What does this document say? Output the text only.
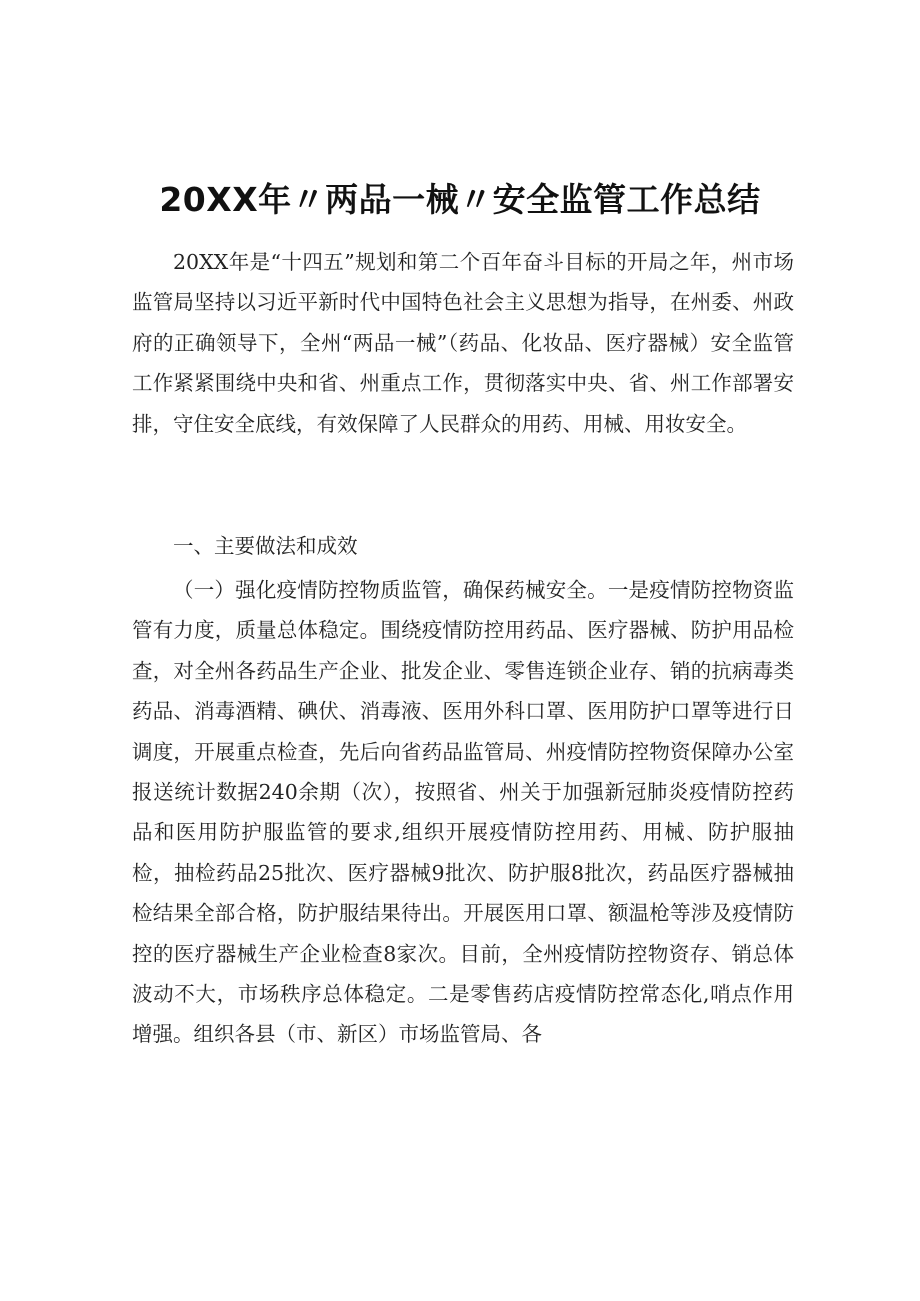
20XX年〃两品一械〃安全监管工作总结

20XX年是“十四五”规划和第二个百年奋斗目标的开局之年，州市场监管局坚持以习近平新时代中国特色社会主义思想为指导，在州委、州政府的正确领导下，全州“两品一械”（药品、化妆品、医疗器械）安全监管工作紧紧围绕中央和省、州重点工作，贯彻落实中央、省、州工作部署安排，守住安全底线，有效保障了人民群众的用药、用械、用妆安全。

一、主要做法和成效

（一）强化疫情防控物质监管，确保药械安全。一是疫情防控物资监管有力度，质量总体稳定。围绕疫情防控用药品、医疗器械、防护用品检查，对全州各药品生产企业、批发企业、零售连锁企业存、销的抗病毒类药品、消毒酒精、碘伏、消毒液、医用外科口罩、医用防护口罩等进行日调度，开展重点检查，先后向省药品监管局、州疫情防控物资保障办公室报送统计数据240余期（次），按照省、州关于加强新冠肺炎疫情防控药品和医用防护服监管的要求,组织开展疫情防控用药、用械、防护服抽检，抽检药品25批次、医疗器械9批次、防护服8批次，药品医疗器械抽检结果全部合格，防护服结果待出。开展医用口罩、额温枪等涉及疫情防控的医疗器械生产企业检查8家次。目前，全州疫情防控物资存、销总体波动不大，市场秩序总体稳定。二是零售药店疫情防控常态化,哨点作用增强。组织各县（市、新区）市场监管局、各
